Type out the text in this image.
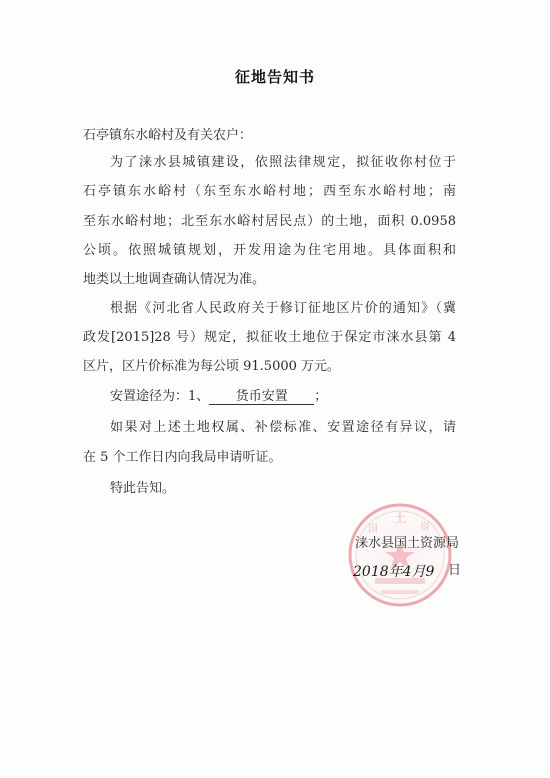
征地告知书
石亭镇东水峪村及有关农户：
为了涞水县城镇建设，依照法律规定，拟征收你村位于
石亭镇东水峪村（东至东水峪村地；西至东水峪村地；南
至东水峪村地；北至东水峪村居民点）的土地，面积 0.0958
公顷。依照城镇规划，开发用途为住宅用地。具体面积和
地类以土地调查确认情况为准。
根据《河北省人民政府关于修订征地区片价的通知》（冀
政发[2015]28 号）规定，拟征收土地位于保定市涞水县第 4
区片，区片价标准为每公顷 91.5000 万元。
安置途径为：1、 货币安置 ；
如果对上述土地权属、补偿标准、安置途径有异议，请
在 5 个工作日内向我局申请听证。
特此告知。
土
资
国
涞水县国土资源局
2018年4月9 日
